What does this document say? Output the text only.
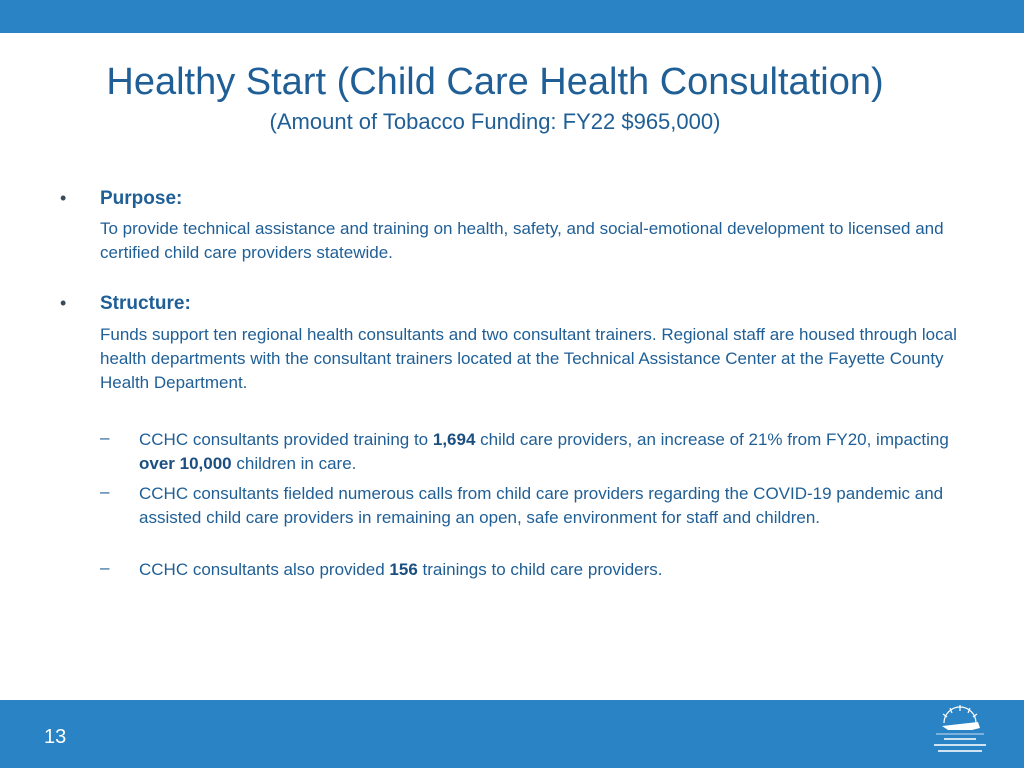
Healthy Start (Child Care Health Consultation)
(Amount of Tobacco Funding: FY22 $965,000)
• Purpose:
To provide technical assistance and training on health, safety, and social-emotional development to licensed and certified child care providers statewide.
• Structure:
Funds support ten regional health consultants and two consultant trainers. Regional staff are housed through local health departments with the consultant trainers located at the Technical Assistance Center at the Fayette County Health Department.
– CCHC consultants provided training to 1,694 child care providers, an increase of 21% from FY20, impacting over 10,000 children in care.
– CCHC consultants fielded numerous calls from child care providers regarding the COVID-19 pandemic and assisted child care providers in remaining an open, safe environment for staff and children.
– CCHC consultants also provided 156 trainings to child care providers.
13
